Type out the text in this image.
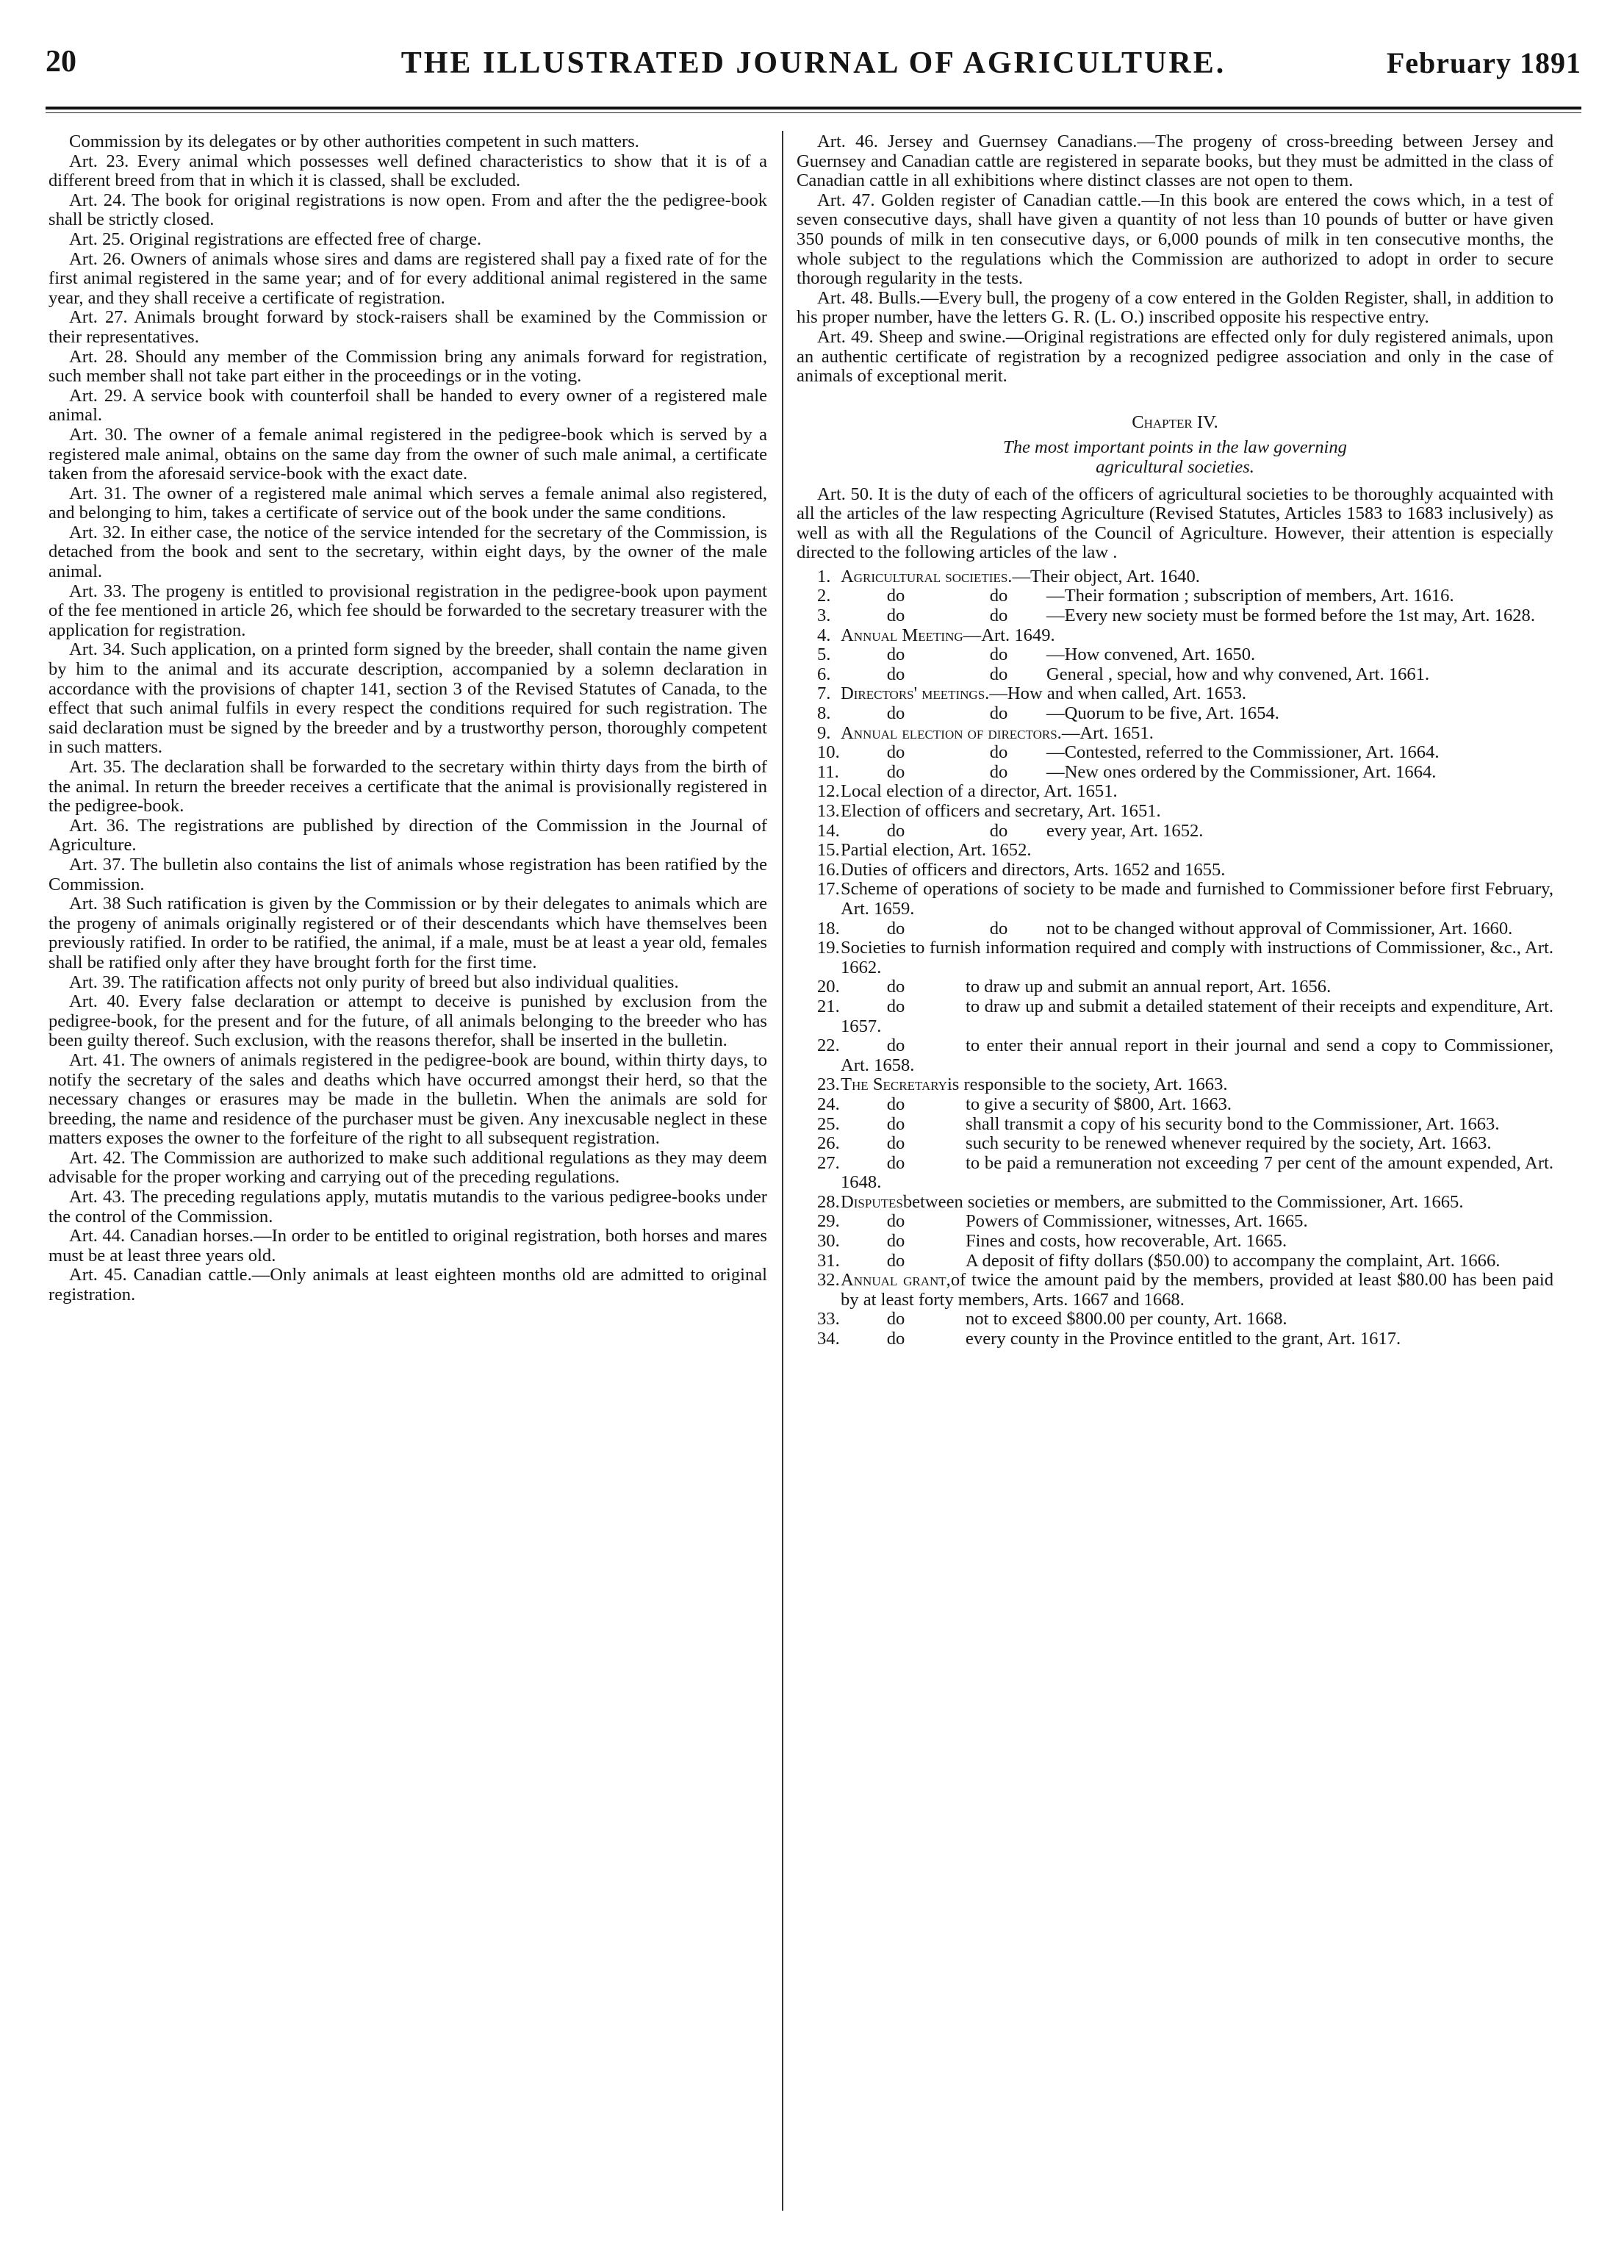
20	THE ILLUSTRATED JOURNAL OF AGRICULTURE.	February 1891

Commission by its delegates or by other authorities competent in such matters.

Art. 23. Every animal which possesses well defined characteristics to show that it is of a different breed from that in which it is classed, shall be excluded.

Art. 24. The book for original registrations is now open. From and after the the pedigree-book shall be strictly closed.

Art. 25. Original registrations are effected free of charge.

Art. 26. Owners of animals whose sires and dams are registered shall pay a fixed rate of for the first animal registered in the same year; and of for every additional animal registered in the same year, and they shall receive a certificate of registration.

Art. 27. Animals brought forward by stock-raisers shall be examined by the Commission or their representatives.

Art. 28. Should any member of the Commission bring any animals forward for registration, such member shall not take part either in the proceedings or in the voting.

Art. 29. A service book with counterfoil shall be handed to every owner of a registered male animal.

Art. 30. The owner of a female animal registered in the pedigree-book which is served by a registered male animal, obtains on the same day from the owner of such male animal, a certificate taken from the aforesaid service-book with the exact date.

Art. 31. The owner of a registered male animal which serves a female animal also registered, and belonging to him, takes a certificate of service out of the book under the same conditions.

Art. 32. In either case, the notice of the service intended for the secretary of the Commission, is detached from the book and sent to the secretary, within eight days, by the owner of the male animal.

Art. 33. The progeny is entitled to provisional registration in the pedigree-book upon payment of the fee mentioned in article 26, which fee should be forwarded to the secretary treasurer with the application for registration.

Art. 34. Such application, on a printed form signed by the breeder, shall contain the name given by him to the animal and its accurate description, accompanied by a solemn declaration in accordance with the provisions of chapter 141, section 3 of the Revised Statutes of Canada, to the effect that such animal fulfils in every respect the conditions required for such registration. The said declaration must be signed by the breeder and by a trustworthy person, thoroughly competent in such matters.

Art. 35. The declaration shall be forwarded to the secretary within thirty days from the birth of the animal. In return the breeder receives a certificate that the animal is provisionally registered in the pedigree-book.

Art. 36. The registrations are published by direction of the Commission in the Journal of Agriculture.

Art. 37. The bulletin also contains the list of animals whose registration has been ratified by the Commission.

Art. 38 Such ratification is given by the Commission or by their delegates to animals which are the progeny of animals originally registered or of their descendants which have themselves been previously ratified. In order to be ratified, the animal, if a male, must be at least a year old, females shall be ratified only after they have brought forth for the first time.

Art. 39. The ratification affects not only purity of breed but also individual qualities.

Art. 40. Every false declaration or attempt to deceive is punished by exclusion from the pedigree-book, for the present and for the future, of all animals belonging to the breeder who has been guilty thereof. Such exclusion, with the reasons therefor, shall be inserted in the bulletin.

Art. 41. The owners of animals registered in the pedigree-book are bound, within thirty days, to notify the secretary of the sales and deaths which have occurred amongst their herd, so that the necessary changes or erasures may be made in the bulletin. When the animals are sold for breeding, the name and residence of the purchaser must be given. Any inexcusable neglect in these matters exposes the owner to the forfeiture of the right to all subsequent registration.

Art. 42. The Commission are authorized to make such additional regulations as they may deem advisable for the proper working and carrying out of the preceding regulations.

Art. 43. The preceding regulations apply, mutatis mutandis to the various pedigree-books under the control of the Commission.

Art. 44. Canadian horses.—In order to be entitled to original registration, both horses and mares must be at least three years old.

Art. 45. Canadian cattle.—Only animals at least eighteen months old are admitted to original registration.

Art. 46. Jersey and Guernsey Canadians.—The progeny of cross-breeding between Jersey and Guernsey and Canadian cattle are registered in separate books, but they must be admitted in the class of Canadian cattle in all exhibitions where distinct classes are not open to them.

Art. 47. Golden register of Canadian cattle.—In this book are entered the cows which, in a test of seven consecutive days, shall have given a quantity of not less than 10 pounds of butter or have given 350 pounds of milk in ten consecutive days, or 6,000 pounds of milk in ten consecutive months, the whole subject to the regulations which the Commission are authorized to adopt in order to secure thorough regularity in the tests.

Art. 48. Bulls.—Every bull, the progeny of a cow entered in the Golden Register, shall, in addition to his proper number, have the letters G. R. (L. O.) inscribed opposite his respective entry.

Art. 49. Sheep and swine.—Original registrations are effected only for duly registered animals, upon an authentic certificate of registration by a recognized pedigree association and only in the case of animals of exceptional merit.

Chapter IV.

The most important points in the law governing
agricultural societies.

Art. 50. It is the duty of each of the officers of agricultural societies to be thoroughly acquainted with all the articles of the law respecting Agriculture (Revised Statutes, Articles 1583 to 1683 inclusively) as well as with all the Regulations of the Council of Agriculture. However, their attention is especially directed to the following articles of the law .

1. Agricultural societies.—Their object, Art. 1640.
2.	do	do —Their formation ; subscription of members, Art. 1616.
3.	do	do —Every new society must be formed before the 1st may, Art. 1628.
4. Annual Meeting—Art. 1649.
5.	do	do —How convened, Art. 1650.
6.	do	do General , special, how and why convened, Art. 1661.
7. Directors' meetings.—How and when called, Art. 1653.
8.	do	do —Quorum to be five, Art. 1654.
9. Annual election of directors.—Art. 1651.
10.	do	do —Contested, referred to the Commissioner, Art. 1664.
11.	do	do —New ones ordered by the Commissioner, Art. 1664.
12. Local election of a director, Art. 1651.
13. Election of officers and secretary, Art. 1651.
14.	do	do every year, Art. 1652.
15. Partial election, Art. 1652.
16. Duties of officers and directors, Arts. 1652 and 1655.
17. Scheme of operations of society to be made and furnished to Commissioner before first February, Art. 1659.
18.	do	do not to be changed without approval of Commissioner, Art. 1660.
19. Societies to furnish information required and comply with instructions of Commissioner, &c., Art. 1662.
20.	do	to draw up and submit an annual report, Art. 1656.
21.	do	to draw up and submit a detailed statement of their receipts and expenditure, Art. 1657.
22.	do	to enter their annual report in their journal and send a copy to Commissioner, Art. 1658.
23. The Secretaryis responsible to the society, Art. 1663.
24.	do	to give a security of $800, Art. 1663.
25.	do	shall transmit a copy of his security bond to the Commissioner, Art. 1663.
26.	do	such security to be renewed whenever required by the society, Art. 1663.
27.	do	to be paid a remuneration not exceeding 7 per cent of the amount expended, Art. 1648.
28. Disputesbetween societies or members, are submitted to the Commissioner, Art. 1665.
29.	do	Powers of Commissioner, witnesses, Art. 1665.
30.	do	Fines and costs, how recoverable, Art. 1665.
31.	do	A deposit of fifty dollars ($50.00) to accompany the complaint, Art. 1666.
32. Annual grant,of twice the amount paid by the members, provided at least $80.00 has been paid by at least forty members, Arts. 1667 and 1668.
33.	do	not to exceed $800.00 per county, Art. 1668.
34.	do	every county in the Province entitled to the grant, Art. 1617.
